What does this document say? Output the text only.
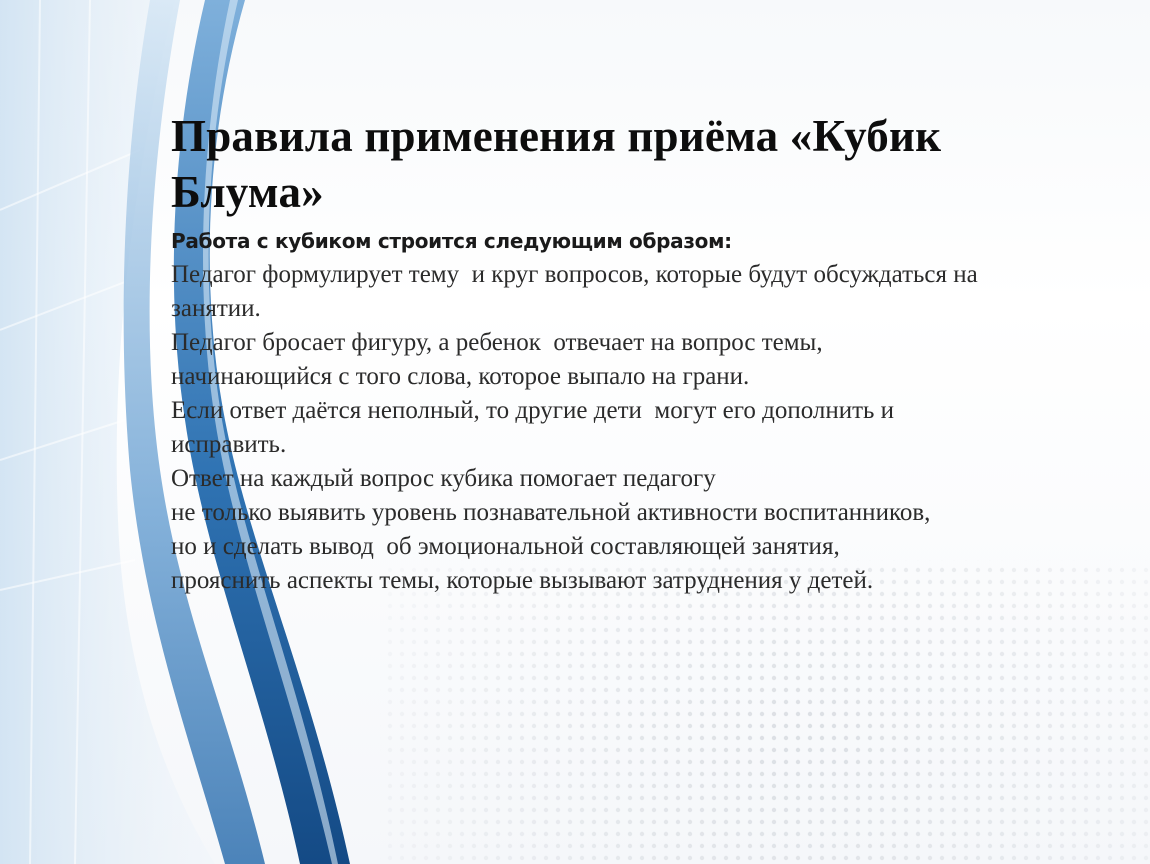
Правила применения приёма «Кубик
Блума»

Работа с кубиком строится следующим образом:

Педагог формулирует тему  и круг вопросов, которые будут обсуждаться на
занятии.
Педагог бросает фигуру, а ребенок  отвечает на вопрос темы,
начинающийся с того слова, которое выпало на грани.
Если ответ даётся неполный, то другие дети  могут его дополнить и
исправить.
Ответ на каждый вопрос кубика помогает педагогу
не только выявить уровень познавательной активности воспитанников,
но и сделать вывод  об эмоциональной составляющей занятия,
прояснить аспекты темы, которые вызывают затруднения у детей.
